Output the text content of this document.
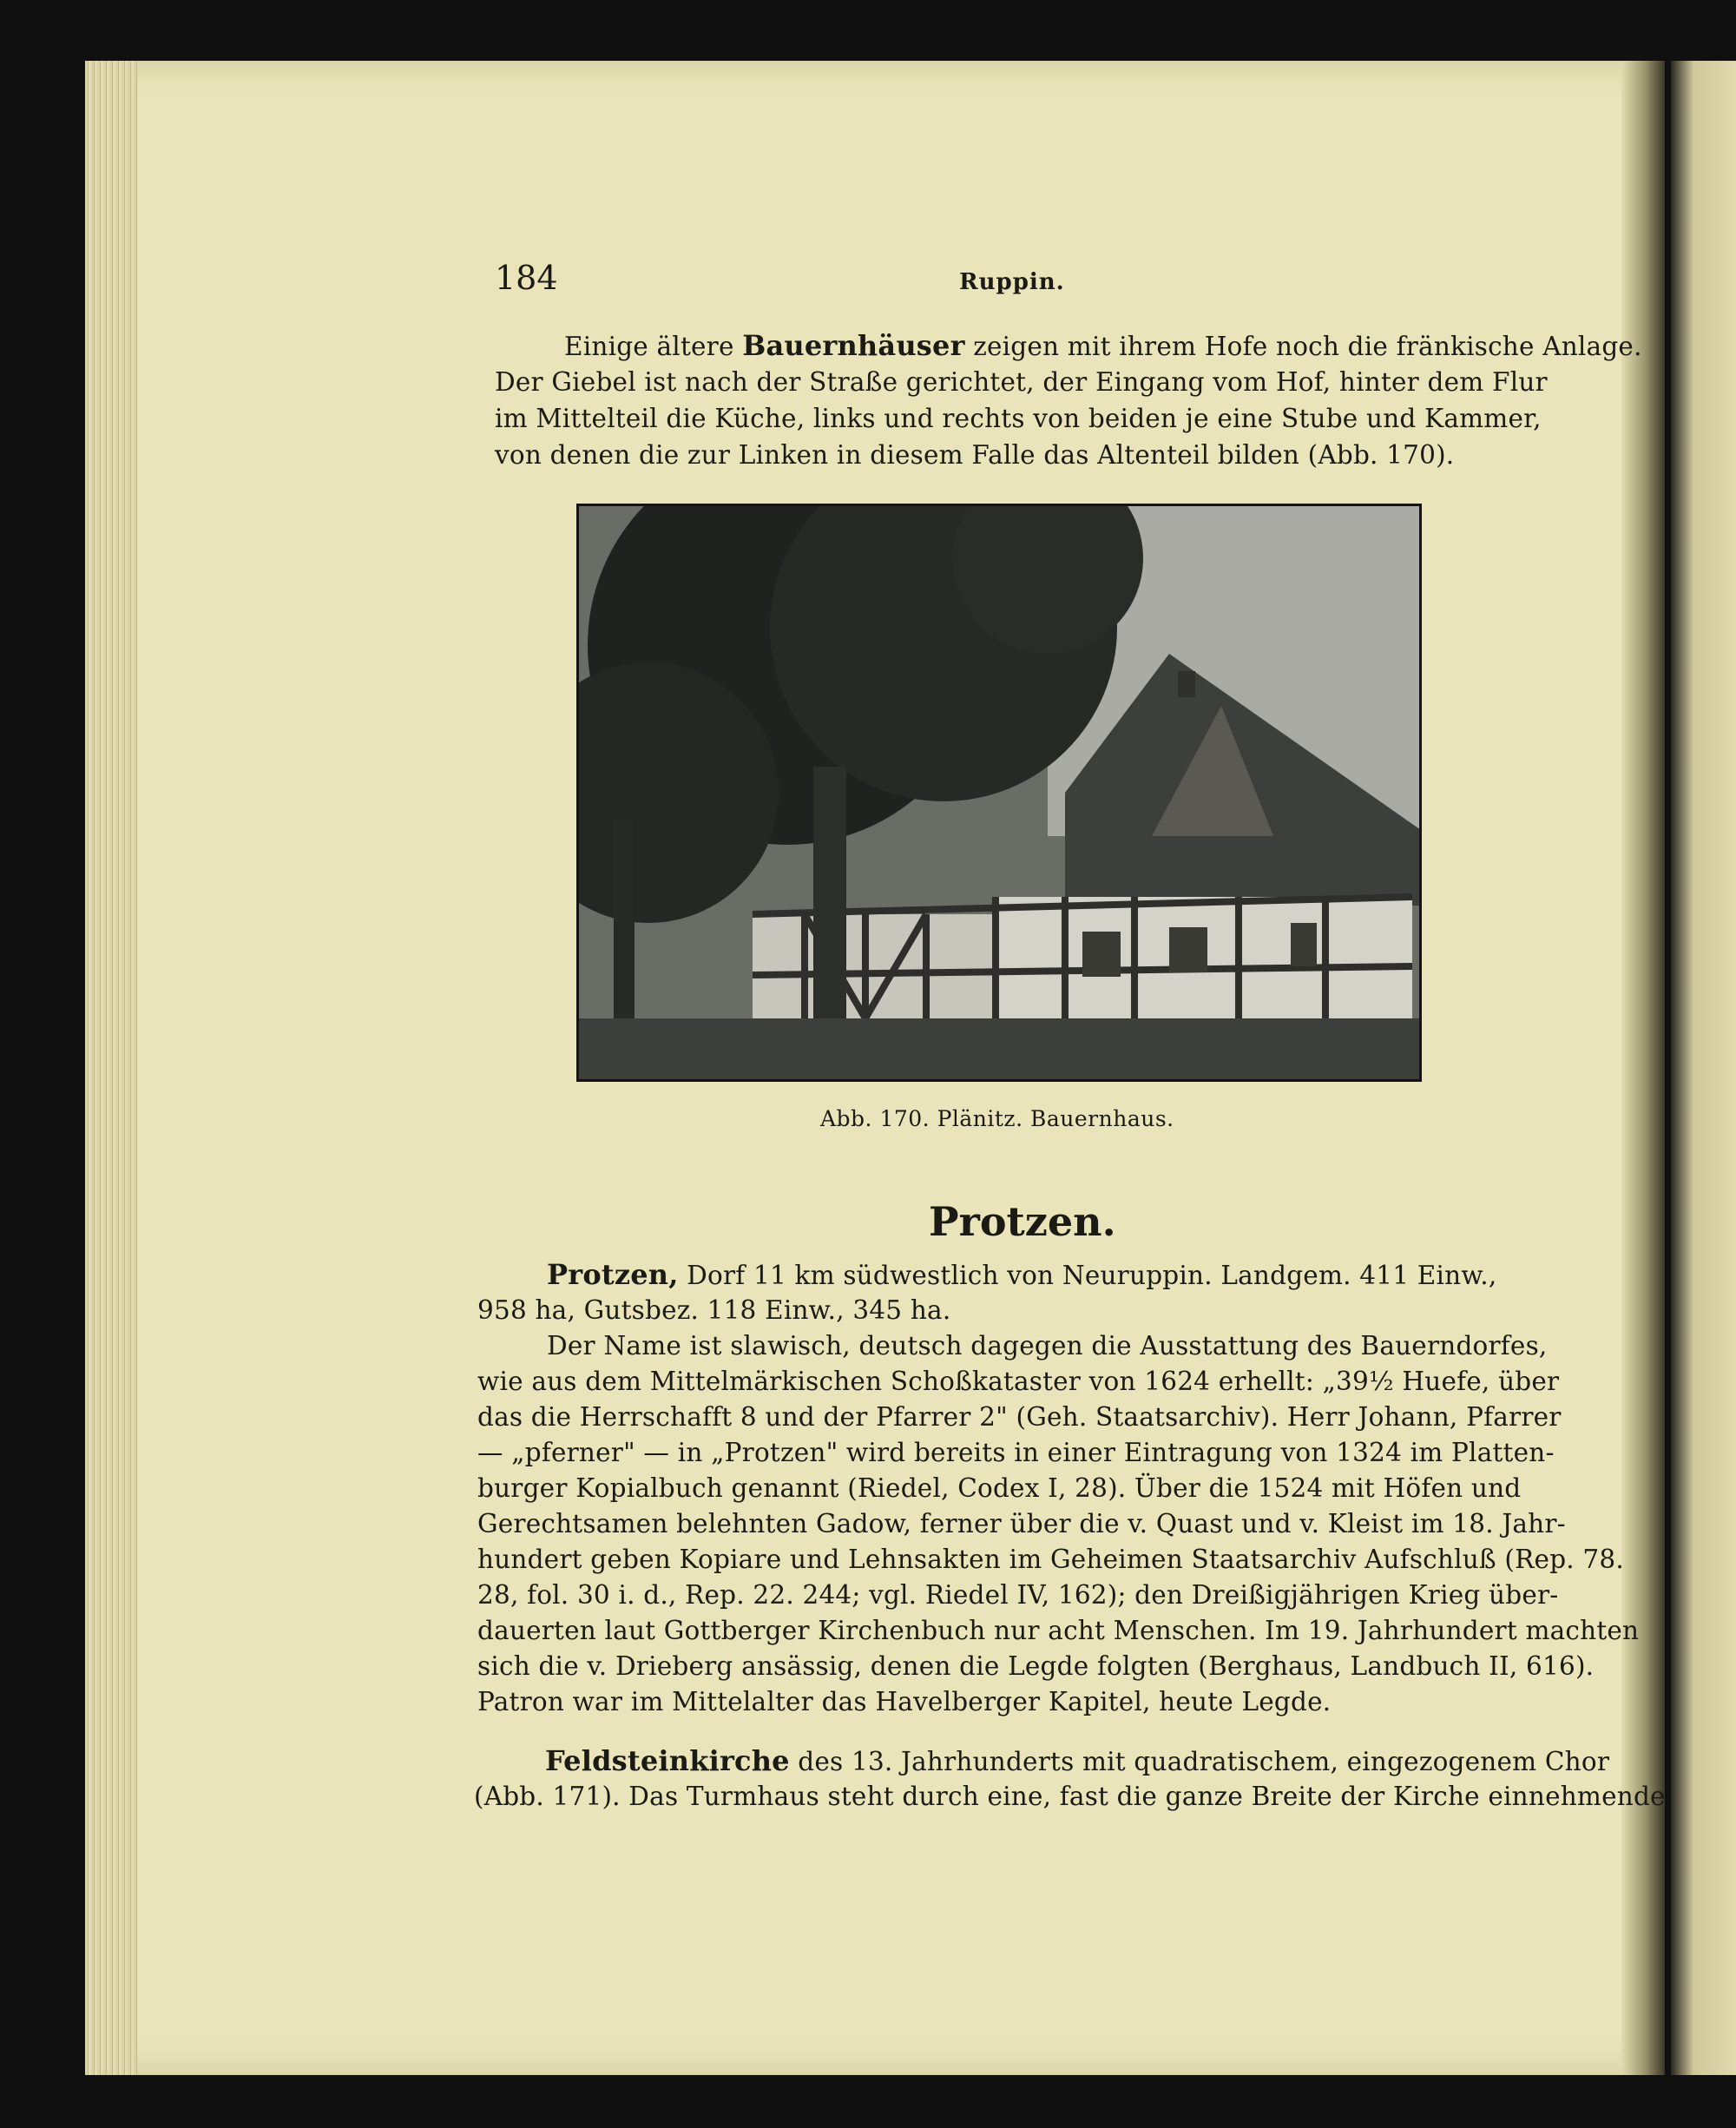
184	Ruppin.
Einige ältere Bauernhäuser zeigen mit ihrem Hofe noch die fränkische Anlage.
Der Giebel ist nach der Straße gerichtet, der Eingang vom Hof, hinter dem Flur
im Mittelteil die Küche, links und rechts von beiden je eine Stube und Kammer,
von denen die zur Linken in diesem Falle das Altenteil bilden (Abb. 170).
Abb. 170. Plänitz. Bauernhaus.
Protzen.
Protzen, Dorf 11 km südwestlich von Neuruppin. Landgem. 411 Einw.,
958 ha, Gutsbez. 118 Einw., 345 ha.
Der Name ist slawisch, deutsch dagegen die Ausstattung des Bauerndorfes,
wie aus dem Mittelmärkischen Schoßkataster von 1624 erhellt: „39½ Huefe, über
das die Herrschafft 8 und der Pfarrer 2" (Geh. Staatsarchiv). Herr Johann, Pfarrer
— „pferner" — in „Protzen" wird bereits in einer Eintragung von 1324 im Platten-
burger Kopialbuch genannt (Riedel, Codex I, 28). Über die 1524 mit Höfen und
Gerechtsamen belehnten Gadow, ferner über die v. Quast und v. Kleist im 18. Jahr-
hundert geben Kopiare und Lehnsakten im Geheimen Staatsarchiv Aufschluß (Rep. 78.
28, fol. 30 i. d., Rep. 22. 244; vgl. Riedel IV, 162); den Dreißigjährigen Krieg über-
dauerten laut Gottberger Kirchenbuch nur acht Menschen. Im 19. Jahrhundert machten
sich die v. Drieberg ansässig, denen die Legde folgten (Berghaus, Landbuch II, 616).
Patron war im Mittelalter das Havelberger Kapitel, heute Legde.
Feldsteinkirche des 13. Jahrhunderts mit quadratischem, eingezogenem Chor
(Abb. 171). Das Turmhaus steht durch eine, fast die ganze Breite der Kirche einnehmende
